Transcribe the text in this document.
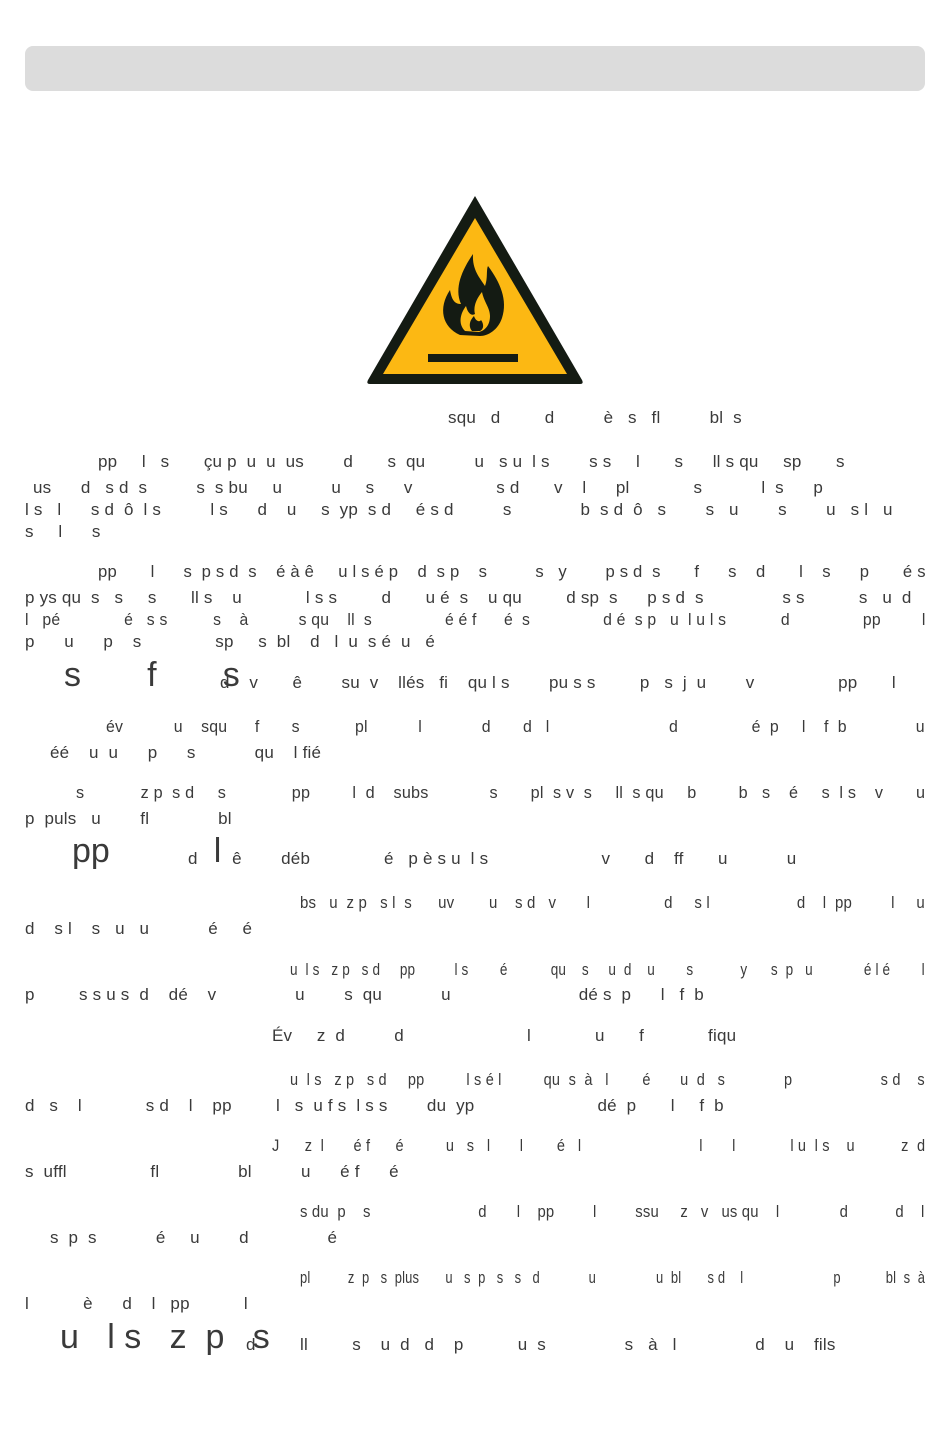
squ   d         d          è   s   fl          bl  s
pp     l   s       çu p  u  u  us        d       s  qu          u   s u  l s        s s     l       s      ll s qu     sp       s
us      d   s d  s          s  s bu     u          u     s      v                 s d       v    l      pl             s            l  s      p
l s   l      s d  ô  l s          l s      d    u     s  yp  s d     é s d          s              b  s d  ô   s        s   u        s        u   s l   u
s     l      s
pp       l      s  p s d  s    é à ê     u l s é p    d  s p    s          s   y        p s d  s       f      s    d       l    s      p       é s
p ys qu  s   s     s       ll s    u             l s s         d       u é  s    u qu         d sp  s      p s d  s                s s           s   u  d
l   pé              é   s s          s    à           s qu    ll  s                é é f      é  s                d é  s p   u  l u l s            d                pp         l
p      u      p    s               sp     s  bl    d   l  u  s é  u   é
s       f       s
d    v       ê        su  v    llés   fi    qu l s        pu s s         p   s  j  u        v                 pp       l
év           u    squ      f       s            pl           l             d       d   l                          d                é  p     l    f  b               u
éé    u  u      p      s            qu    l fié
s            z p  s d     s              pp         l  d    subs             s       pl  s v  s     ll  s qu     b         b   s    é     s  l s    v       u
p  puls   u        fl              bl
pp           l
d       ê        déb               é   p è s u  l s                       v       d    ff       u            u
bs   u  z p   s l  s      uv        u    s d   v       l                 d     s l                    d    l  pp         l     u
d    s l    s   u   u            é     é
u  l s   z p   s d     pp          l s        é           qu    s     u  d    u        s            y      s  p   u             é l é        l
p         s s u s  d    dé    v                u        s  qu            u                          dé s  p      l   f  b
Év     z  d          d                         l             u       f             fiqu
u  l s   z p   s d     pp          l s é l          qu  s  à   l        é       u  d   s              p                     s d    s
d   s    l             s d    l    pp         l   s  u f s  l s s        du  yp                         dé  p       l     f  b
J      z  l       é f      é          u   s   l       l        é   l                            l       l             l u  l s    u           z  d
s  uffl                 fl                bl          u      é f      é
s du  p    s                         d       l    pp         l         ssu     z   v   us qu    l              d           d    l
s  p  s            é     u        d                é
pl          z  p   s  plus       u   s  p   s   s   d             u                u  bl       s d    l                        p            bl  s  à
l           è      d    l   pp           l
u   l s   z  p   s
d         ll         s    u  d   d    p           u  s                s   à   l                d    u    fils
